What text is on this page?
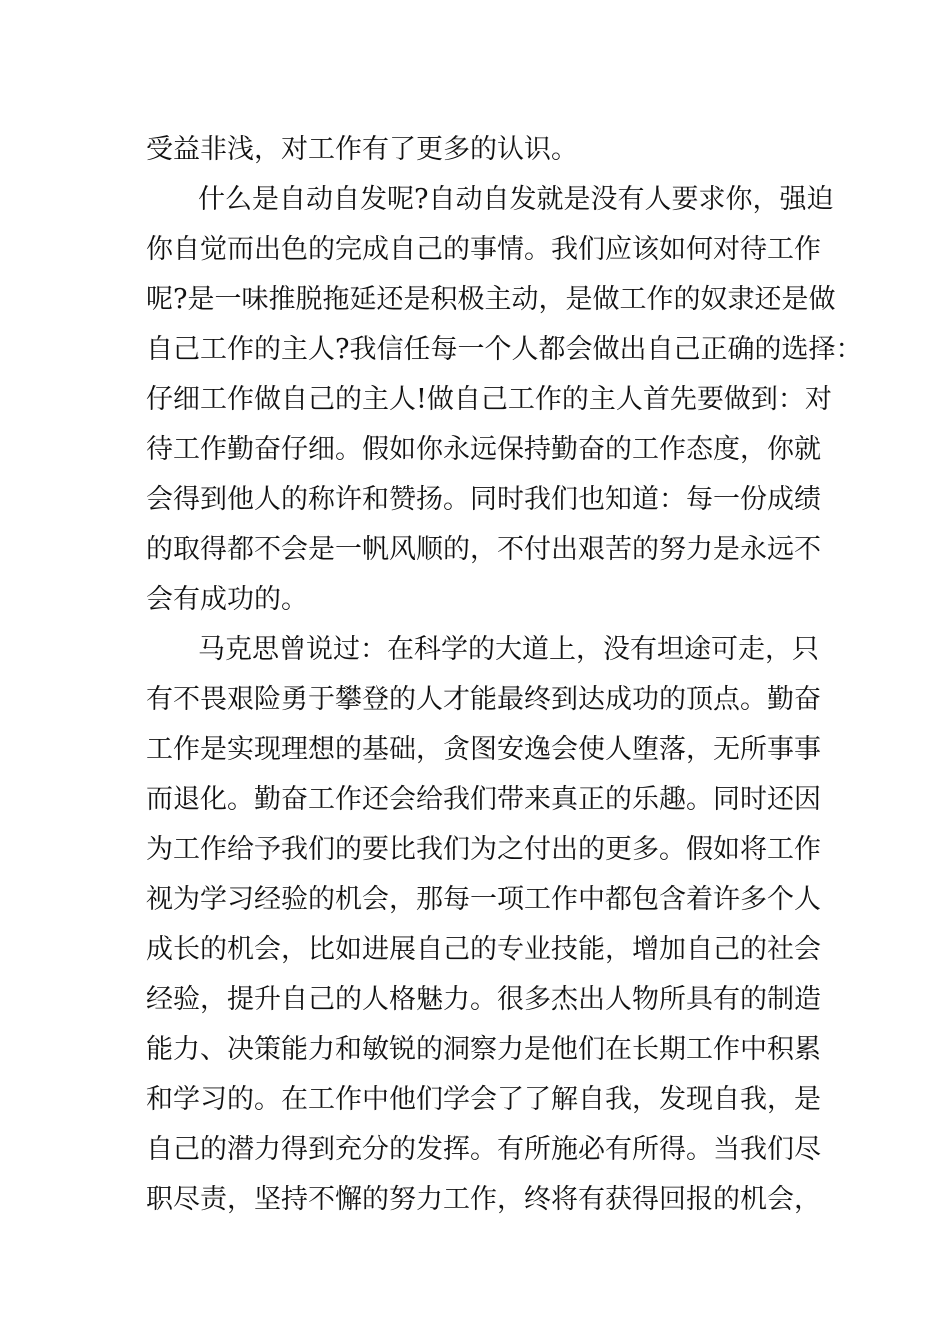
受益非浅，对工作有了更多的认识。
什么是自动自发呢?自动自发就是没有人要求你，强迫
你自觉而出色的完成自己的事情。我们应该如何对待工作
呢?是一味推脱拖延还是积极主动，是做工作的奴隶还是做
自己工作的主人?我信任每一个人都会做出自己正确的选择：
仔细工作做自己的主人!做自己工作的主人首先要做到：对
待工作勤奋仔细。假如你永远保持勤奋的工作态度，你就
会得到他人的称许和赞扬。同时我们也知道：每一份成绩
的取得都不会是一帆风顺的，不付出艰苦的努力是永远不
会有成功的。
马克思曾说过：在科学的大道上，没有坦途可走，只
有不畏艰险勇于攀登的人才能最终到达成功的顶点。勤奋
工作是实现理想的基础，贪图安逸会使人堕落，无所事事
而退化。勤奋工作还会给我们带来真正的乐趣。同时还因
为工作给予我们的要比我们为之付出的更多。假如将工作
视为学习经验的机会，那每一项工作中都包含着许多个人
成长的机会，比如进展自己的专业技能，增加自己的社会
经验，提升自己的人格魅力。很多杰出人物所具有的制造
能力、决策能力和敏锐的洞察力是他们在长期工作中积累
和学习的。在工作中他们学会了了解自我，发现自我，是
自己的潜力得到充分的发挥。有所施必有所得。当我们尽
职尽责，坚持不懈的努力工作，终将有获得回报的机会，
